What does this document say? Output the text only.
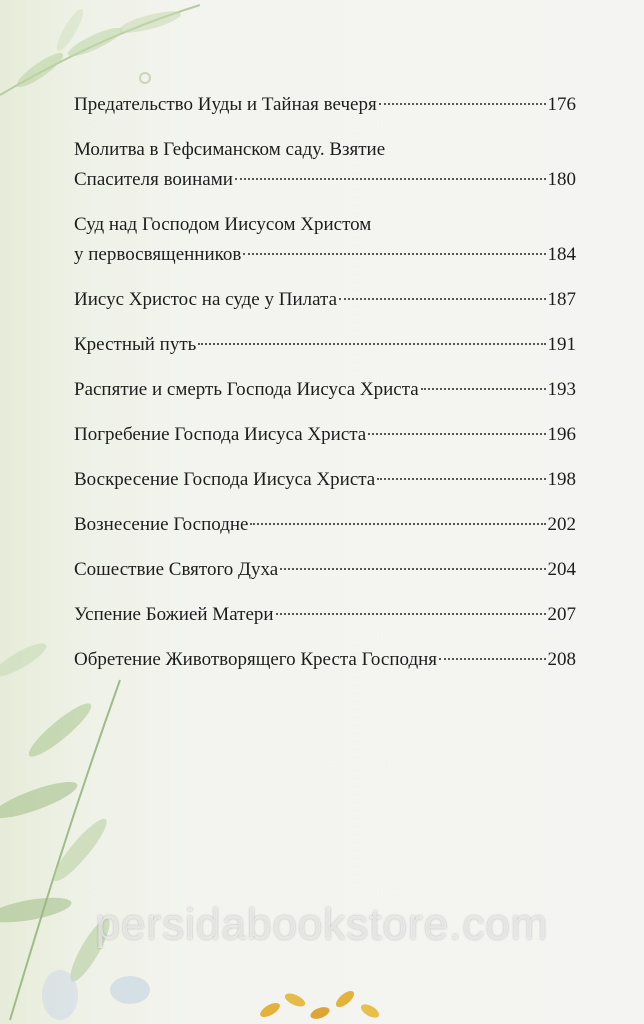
Предательство Иуды и Тайная вечеря	176
Молитва в Гефсиманском саду. Взятие
Спасителя воинами	180
Суд над Господом Иисусом Христом
у первосвященников	184
Иисус Христос на суде у Пилата	187
Крестный путь	191
Распятие и смерть Господа Иисуса Христа	193
Погребение Господа Иисуса Христа	196
Воскресение Господа Иисуса Христа	198
Вознесение Господне	202
Сошествие Святого Духа	204
Успение Божией Матери	207
Обретение Животворящего Креста Господня	208
persidabookstore.com
